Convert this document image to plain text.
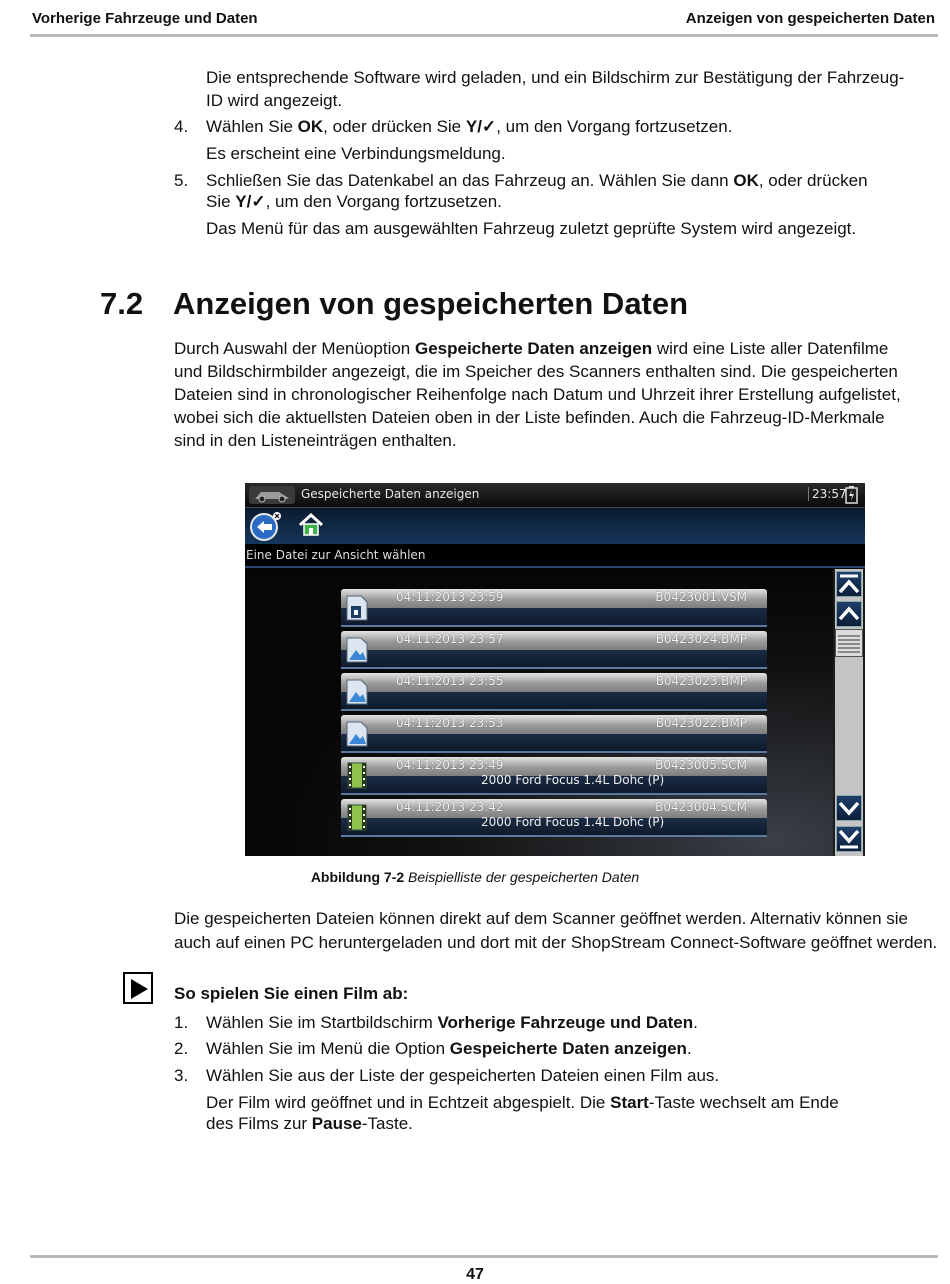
Vorherige Fahrzeuge und Daten	Anzeigen von gespeicherten Daten
Die entsprechende Software wird geladen, und ein Bildschirm zur Bestätigung der Fahrzeug-
ID wird angezeigt.
4. Wählen Sie OK, oder drücken Sie Y/✓, um den Vorgang fortzusetzen.
Es erscheint eine Verbindungsmeldung.
5. Schließen Sie das Datenkabel an das Fahrzeug an. Wählen Sie dann OK, oder drücken
Sie Y/✓, um den Vorgang fortzusetzen.
Das Menü für das am ausgewählten Fahrzeug zuletzt geprüfte System wird angezeigt.
7.2 Anzeigen von gespeicherten Daten
Durch Auswahl der Menüoption Gespeicherte Daten anzeigen wird eine Liste aller Datenfilme
und Bildschirmbilder angezeigt, die im Speicher des Scanners enthalten sind. Die gespeicherten
Dateien sind in chronologischer Reihenfolge nach Datum und Uhrzeit ihrer Erstellung aufgelistet,
wobei sich die aktuellsten Dateien oben in der Liste befinden. Auch die Fahrzeug-ID-Merkmale
sind in den Listeneinträgen enthalten.
Gespeicherte Daten anzeigen	23:57
Eine Datei zur Ansicht wählen
04:11:2013 23:59	B0423001.VSM
04:11:2013 23:57	B0423024.BMP
04:11:2013 23:55	B0423023.BMP
04:11:2013 23:53	B0423022.BMP
04:11:2013 23:49	B0423005.SCM
2000 Ford Focus 1.4L Dohc (P)
04:11:2013 23:42	B0423004.SCM
2000 Ford Focus 1.4L Dohc (P)
Abbildung 7-2 Beispielliste der gespeicherten Daten
Die gespeicherten Dateien können direkt auf dem Scanner geöffnet werden. Alternativ können sie
auch auf einen PC heruntergeladen und dort mit der ShopStream Connect-Software geöffnet werden.
So spielen Sie einen Film ab:
1. Wählen Sie im Startbildschirm Vorherige Fahrzeuge und Daten.
2. Wählen Sie im Menü die Option Gespeicherte Daten anzeigen.
3. Wählen Sie aus der Liste der gespeicherten Dateien einen Film aus.
Der Film wird geöffnet und in Echtzeit abgespielt. Die Start-Taste wechselt am Ende
des Films zur Pause-Taste.
47
